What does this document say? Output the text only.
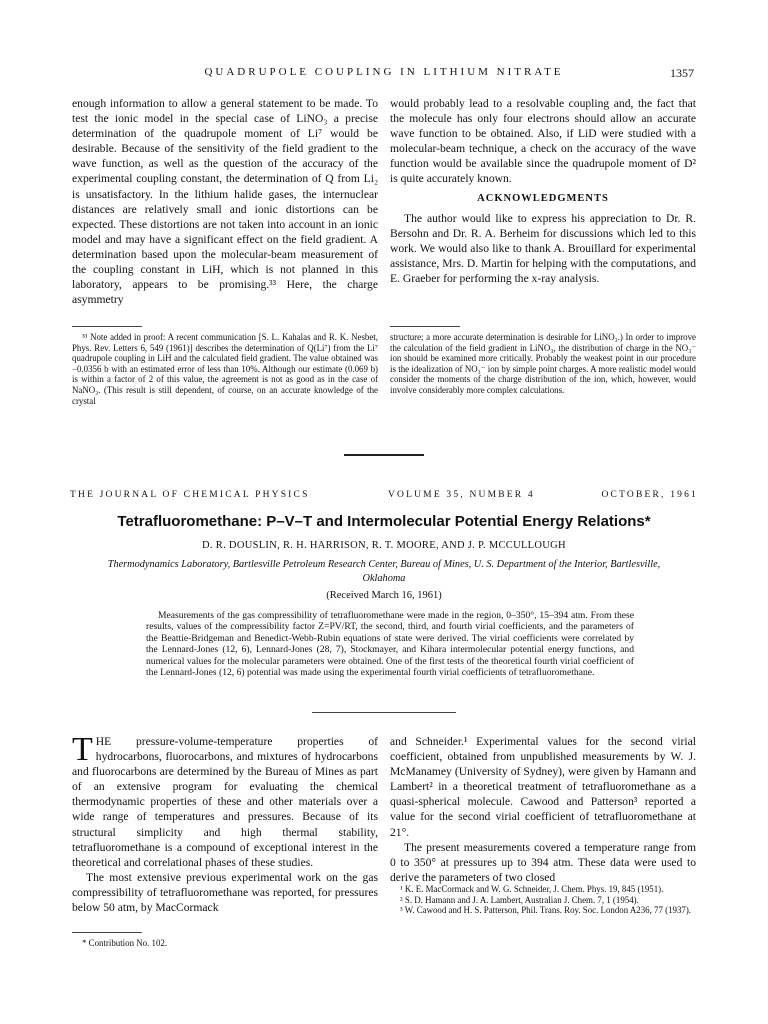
QUADRUPOLE COUPLING IN LITHIUM NITRATE	1357

enough information to allow a general statement to be made. To test the ionic model in the special case of LiNO₃ a precise determination of the quadrupole moment of Li⁷ would be desirable. Because of the sensitivity of the field gradient to the wave function, as well as the question of the accuracy of the experimental coupling constant, the determination of Q from Li₂ is unsatisfactory. In the lithium halide gases, the internuclear distances are relatively small and ionic distortions can be expected. These distortions are not taken into account in an ionic model and may have a significant effect on the field gradient. A determination based upon the molecular-beam measurement of the coupling constant in LiH, which is not planned in this laboratory, appears to be promising.³³ Here, the charge asymmetry

³³ Note added in proof: A recent communication [S. L. Kahalas and R. K. Nesbet, Phys. Rev. Letters 6, 549 (1961)] describes the determination of Q(Li⁷) from the Li⁷ quadrupole coupling in LiH and the calculated field gradient. The value obtained was −0.0356 b with an estimated error of less than 10%. Although our estimate (0.069 b) is within a factor of 2 of this value, the agreement is not as good as in the case of NaNO₃. (This result is still dependent, of course, on an accurate knowledge of the crystal

would probably lead to a resolvable coupling and, the fact that the molecule has only four electrons should allow an accurate wave function to be obtained. Also, if LiD were studied with a molecular-beam technique, a check on the accuracy of the wave function would be available since the quadrupole moment of D² is quite accurately known.

ACKNOWLEDGMENTS

The author would like to express his appreciation to Dr. R. Bersohn and Dr. R. A. Berheim for discussions which led to this work. We would also like to thank A. Brouillard for experimental assistance, Mrs. D. Martin for helping with the computations, and E. Graeber for performing the x-ray analysis.

structure; a more accurate determination is desirable for LiNO₃.) In order to improve the calculation of the field gradient in LiNO₃, the distribution of charge in the NO₃⁻ ion should be examined more critically. Probably the weakest point in our procedure is the idealization of NO₃⁻ ion by simple point charges. A more realistic model would consider the moments of the charge distribution of the ion, which, however, would involve considerably more complex calculations.

THE JOURNAL OF CHEMICAL PHYSICS	VOLUME 35, NUMBER 4	OCTOBER, 1961
Tetrafluoromethane: P–V–T and Intermolecular Potential Energy Relations*
D. R. DOUSLIN, R. H. HARRISON, R. T. MOORE, AND J. P. MCCULLOUGH
Thermodynamics Laboratory, Bartlesville Petroleum Research Center, Bureau of Mines, U. S. Department of the Interior, Bartlesville, Oklahoma
(Received March 16, 1961)

Measurements of the gas compressibility of tetrafluoromethane were made in the region, 0–350°, 15–394 atm. From these results, values of the compressibility factor Z=PV/RT, the second, third, and fourth virial coefficients, and the parameters of the Beattie-Bridgeman and Benedict-Webb-Rubin equations of state were derived. The virial coefficients were correlated by the Lennard-Jones (12, 6), Lennard-Jones (28, 7), Stockmayer, and Kihara intermolecular potential energy functions, and numerical values for the molecular parameters were obtained. One of the first tests of the theoretical fourth virial coefficient of the Lennard-Jones (12, 6) potential was made using the experimental fourth virial coefficients of tetrafluoromethane.

THE pressure-volume-temperature properties of hydrocarbons, fluorocarbons, and mixtures of hydrocarbons and fluorocarbons are determined by the Bureau of Mines as part of an extensive program for evaluating the chemical thermodynamic properties of these and other materials over a wide range of temperatures and pressures. Because of its structural simplicity and high thermal stability, tetrafluoromethane is a compound of exceptional interest in the theoretical and correlational phases of these studies.

The most extensive previous experimental work on the gas compressibility of tetrafluoromethane was reported, for pressures below 50 atm, by MacCormack

* Contribution No. 102.

and Schneider.¹ Experimental values for the second virial coefficient, obtained from unpublished measurements by W. J. McManamey (University of Sydney), were given by Hamann and Lambert² in a theoretical treatment of tetrafluoromethane as a quasi-spherical molecule. Cawood and Patterson³ reported a value for the second virial coefficient of tetrafluoromethane at 21°.

The present measurements covered a temperature range from 0 to 350° at pressures up to 394 atm. These data were used to derive the parameters of two closed

¹ K. E. MacCormack and W. G. Schneider, J. Chem. Phys. 19, 845 (1951).

² S. D. Hamann and J. A. Lambert, Australian J. Chem. 7, 1 (1954).

³ W. Cawood and H. S. Patterson, Phil. Trans. Roy. Soc. London A236, 77 (1937).
